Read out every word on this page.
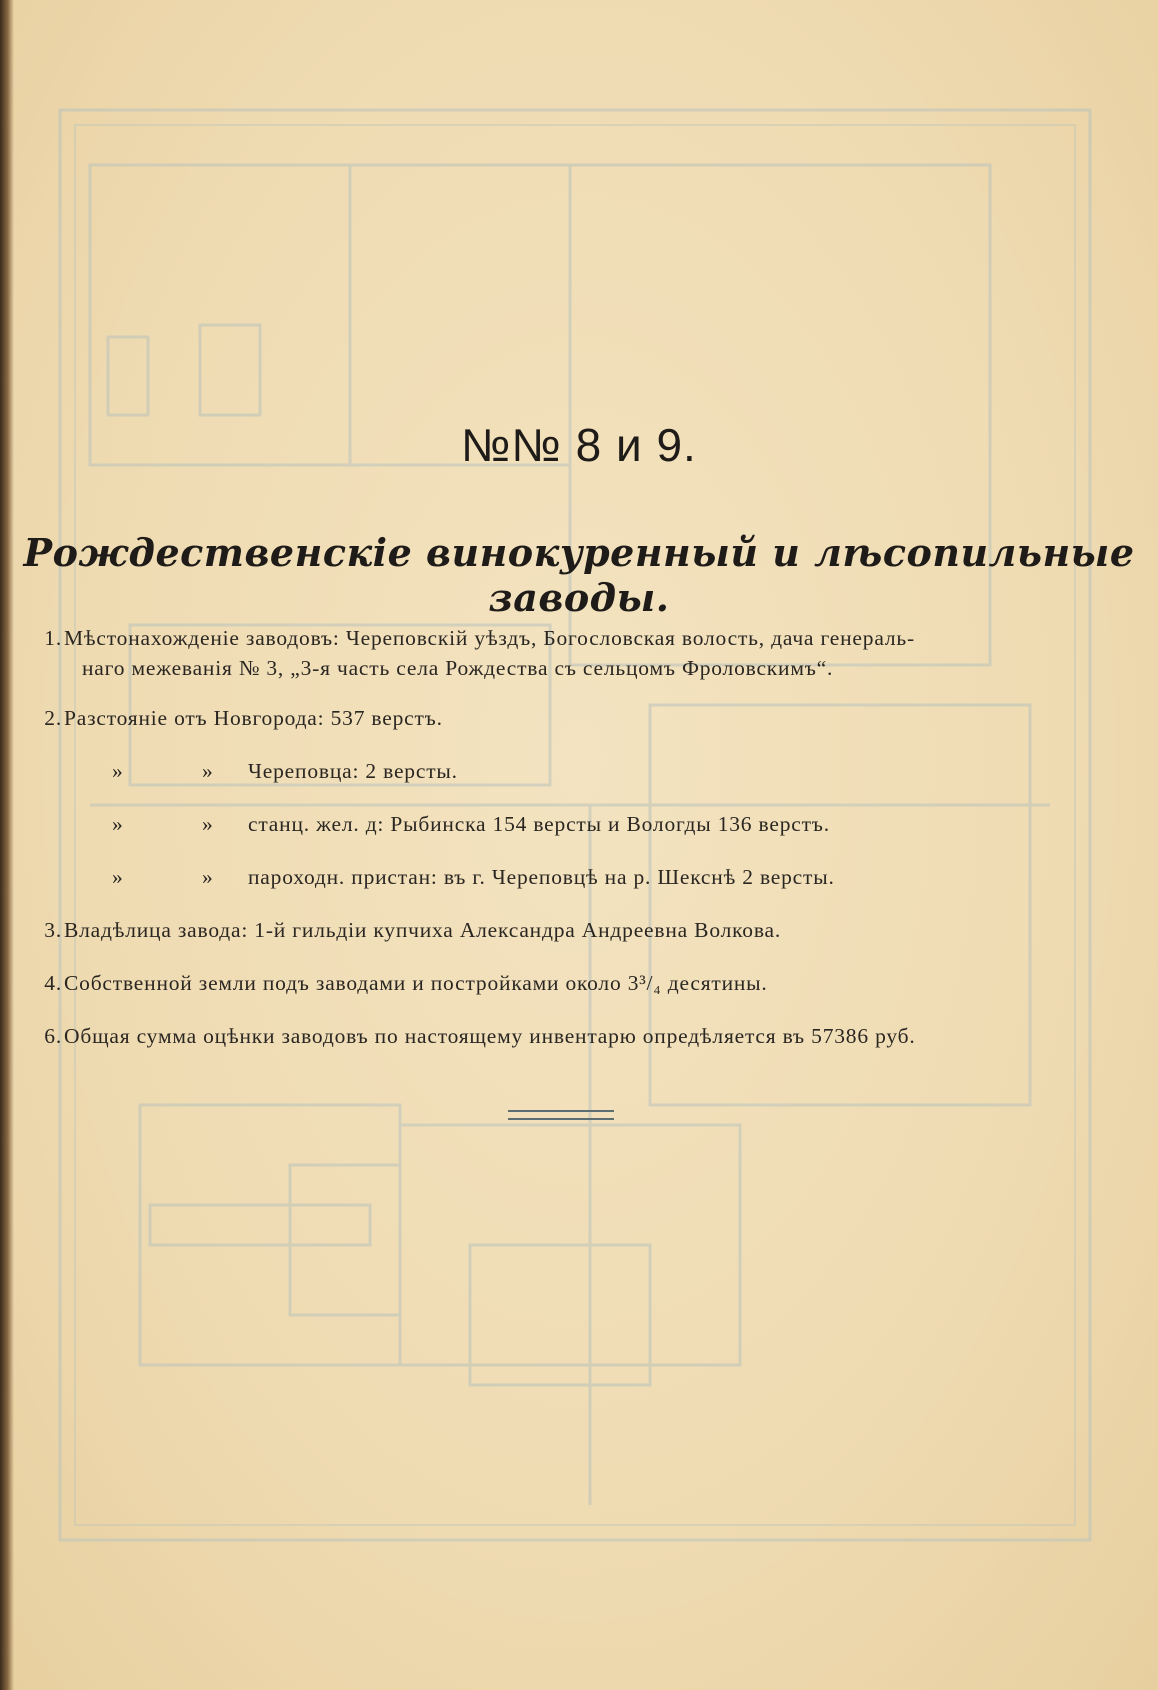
№№ 8 и 9.
Рождественскіе винокуренный и лѣсопильные заводы.
1. Мѣстонахожденіе заводовъ: Череповскій уѣздъ, Богословская волость, дача генераль-
наго межеванія № 3, „3-я часть села Рождества съ сельцомъ Фроловскимъ“.
2. Разстояніе отъ Новгорода: 537 верстъ.
»	» Череповца: 2 версты.
»	» станц. жел. д: Рыбинска 154 версты и Вологды 136 верстъ.
»	» пароходн. пристан: въ г. Череповцѣ на р. Шекснѣ 2 версты.
3. Владѣлица завода: 1-й гильдіи купчиха Александра Андреевна Волкова.
4. Собственной земли подъ заводами и постройками около 3³/₄ десятины.
6. Общая сумма оцѣнки заводовъ по настоящему инвентарю опредѣляется въ 57386 руб.
